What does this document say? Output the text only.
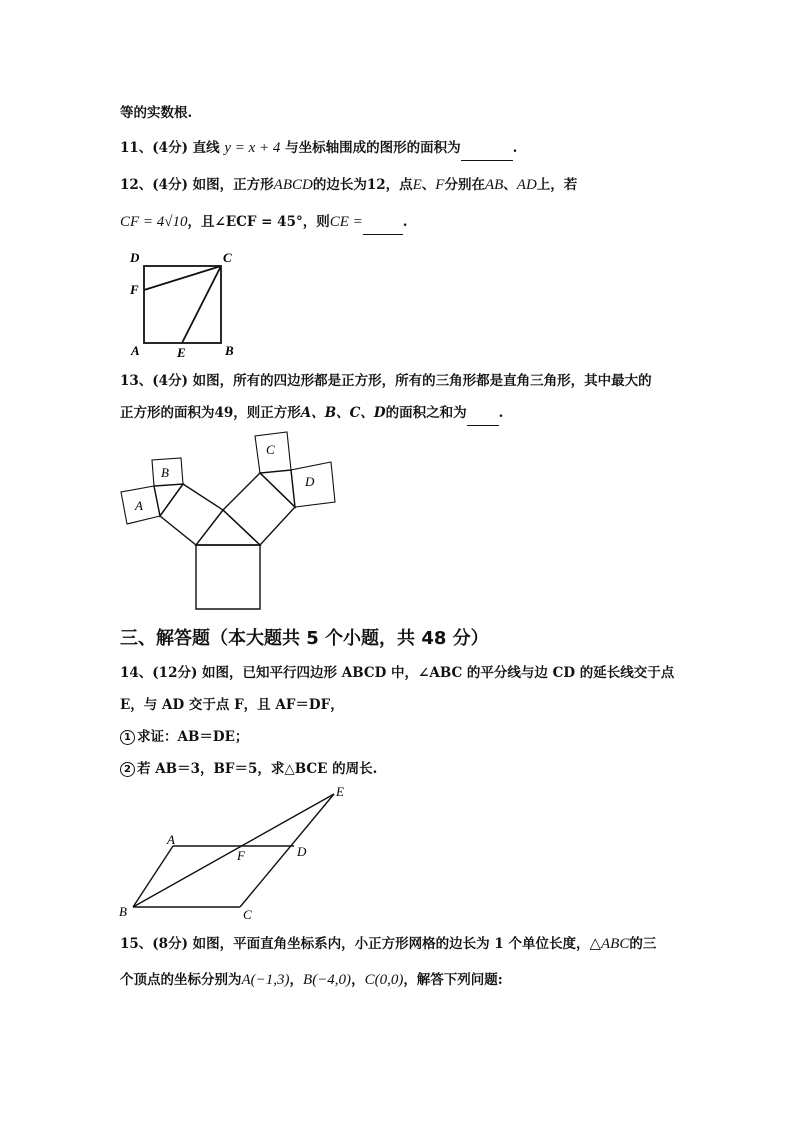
等的实数根.
11、(4分) 直线 y = x + 4 与坐标轴围成的图形的面积为	.
12、(4分) 如图，正方形ABCD的边长为12，点E、F分别在AB、AD上，若
CF = 4√10，且∠ECF = 45°，则CE =	.
D	C
F
A	E	B
13、(4分) 如图，所有的四边形都是正方形，所有的三角形都是直角三角形，其中最大的
正方形的面积为49，则正方形A、B、C、D的面积之和为 .
A
B
C
D
三、解答题（本大题共 5 个小题，共 48 分）
14、(12分) 如图，已知平行四边形 ABCD 中，∠ABC 的平分线与边 CD 的延长线交于点
E，与 AD 交于点 F，且 AF＝DF，
1 求证：AB＝DE；
2 若 AB＝3，BF＝5，求△BCE 的周长.
A
B	C
D
E
F
15、(8分) 如图，平面直角坐标系内，小正方形网格的边长为 1 个单位长度，△ABC的三
个顶点的坐标分别为A(−1,3)，B(−4,0)，C(0,0)，解答下列问题:
